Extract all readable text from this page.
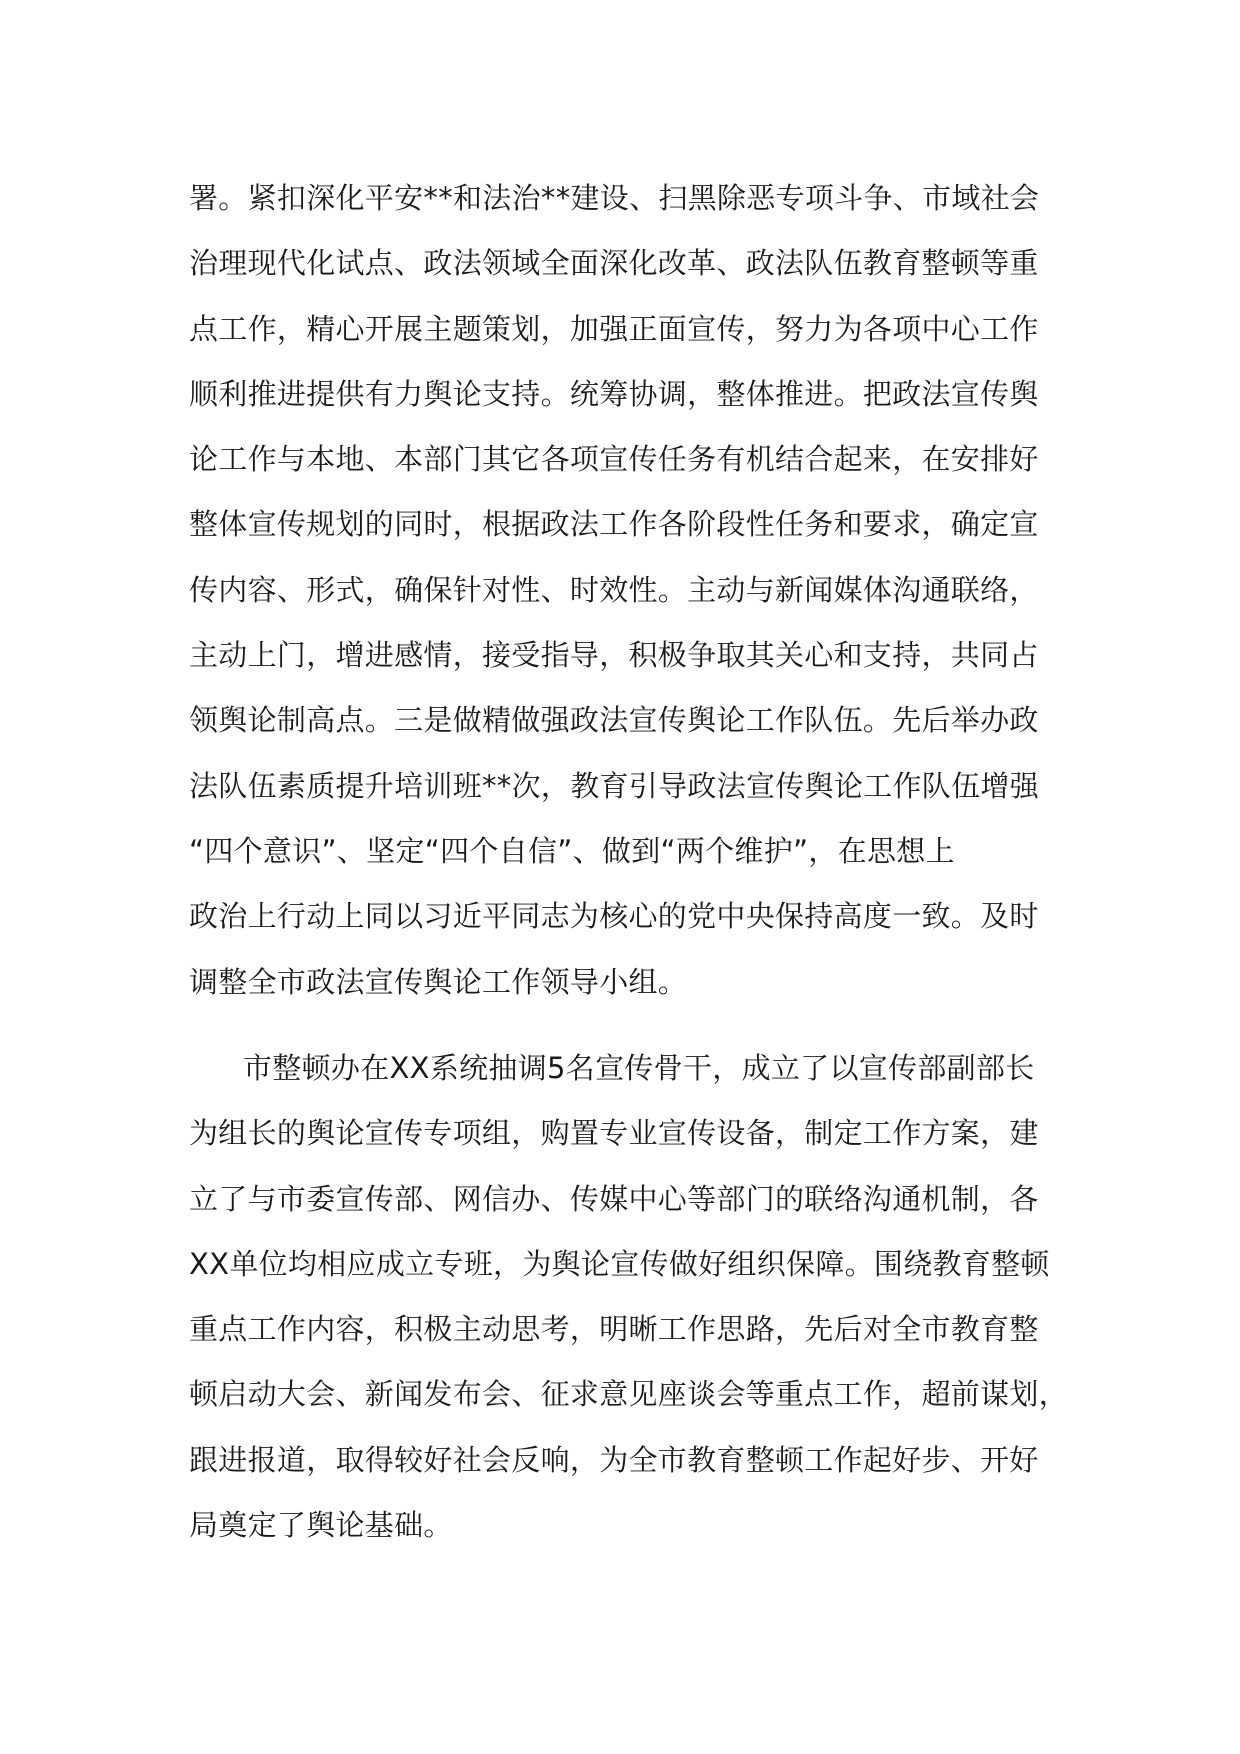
署。紧扣深化平安**和法治**建设、扫黑除恶专项斗争、市域社会
治理现代化试点、政法领域全面深化改革、政法队伍教育整顿等重
点工作，精心开展主题策划，加强正面宣传，努力为各项中心工作
顺利推进提供有力舆论支持。统筹协调，整体推进。把政法宣传舆
论工作与本地、本部门其它各项宣传任务有机结合起来，在安排好
整体宣传规划的同时，根据政法工作各阶段性任务和要求，确定宣
传内容、形式，确保针对性、时效性。主动与新闻媒体沟通联络，
主动上门，增进感情，接受指导，积极争取其关心和支持，共同占
领舆论制高点。三是做精做强政法宣传舆论工作队伍。先后举办政
法队伍素质提升培训班**次，教育引导政法宣传舆论工作队伍增强
“四个意识”、坚定“四个自信”、做到“两个维护”，在思想上
政治上行动上同以习近平同志为核心的党中央保持高度一致。及时
调整全市政法宣传舆论工作领导小组。
市整顿办在XX系统抽调5名宣传骨干，成立了以宣传部副部长
为组长的舆论宣传专项组，购置专业宣传设备，制定工作方案，建
立了与市委宣传部、网信办、传媒中心等部门的联络沟通机制，各
XX单位均相应成立专班，为舆论宣传做好组织保障。围绕教育整顿
重点工作内容，积极主动思考，明晰工作思路，先后对全市教育整
顿启动大会、新闻发布会、征求意见座谈会等重点工作，超前谋划，
跟进报道，取得较好社会反响，为全市教育整顿工作起好步、开好
局奠定了舆论基础。
